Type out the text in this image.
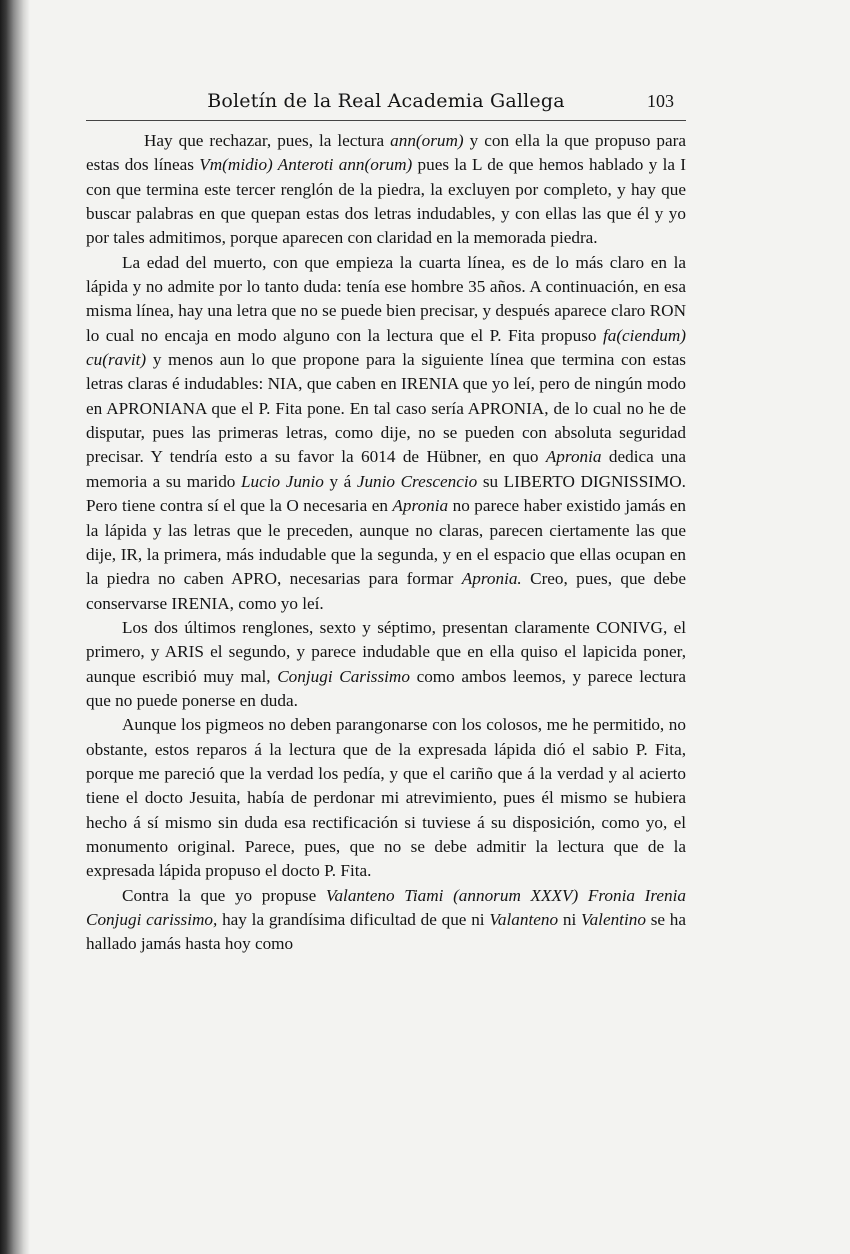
Boletín de la Real Academia Gallega	103

Hay que rechazar, pues, la lectura ann(orum) y con ella la que propuso para estas dos líneas Vm(midio) Anteroti ann(orum) pues la L de que hemos hablado y la I con que termina este tercer renglón de la piedra, la excluyen por completo, y hay que buscar palabras en que quepan estas dos letras indudables, y con ellas las que él y yo por tales admitimos, porque aparecen con claridad en la memorada piedra.

La edad del muerto, con que empieza la cuarta línea, es de lo más claro en la lápida y no admite por lo tanto duda: tenía ese hombre 35 años. A continuación, en esa misma línea, hay una letra que no se puede bien precisar, y después aparece claro RON lo cual no encaja en modo alguno con la lectura que el P. Fita propuso fa(ciendum) cu(ravit) y menos aun lo que propone para la siguiente línea que termina con estas letras claras é indudables: NIA, que caben en IRENIA que yo leí, pero de ningún modo en APRONIANA que el P. Fita pone. En tal caso sería APRONIA, de lo cual no he de disputar, pues las primeras letras, como dije, no se pueden con absoluta seguridad precisar. Y tendría esto a su favor la 6014 de Hübner, en quo Apronia dedica una memoria a su marido Lucio Junio y á Junio Crescencio su LIBERTO DIGNISSIMO. Pero tiene contra sí el que la O necesaria en Apronia no parece haber existido jamás en la lápida y las letras que le preceden, aunque no claras, parecen ciertamente las que dije, IR, la primera, más indudable que la segunda, y en el espacio que ellas ocupan en la piedra no caben APRO, necesarias para formar Apronia. Creo, pues, que debe conservarse IRENIA, como yo leí.

Los dos últimos renglones, sexto y séptimo, presentan claramente CONIVG, el primero, y ARIS el segundo, y parece indudable que en ella quiso el lapicida poner, aunque escribió muy mal, Conjugi Carissimo como ambos leemos, y parece lectura que no puede ponerse en duda.

Aunque los pigmeos no deben parangonarse con los colosos, me he permitido, no obstante, estos reparos á la lectura que de la expresada lápida dió el sabio P. Fita, porque me pareció que la verdad los pedía, y que el cariño que á la verdad y al acierto tiene el docto Jesuita, había de perdonar mi atrevimiento, pues él mismo se hubiera hecho á sí mismo sin duda esa rectificación si tuviese á su disposición, como yo, el monumento original. Parece, pues, que no se debe admitir la lectura que de la expresada lápida propuso el docto P. Fita.

Contra la que yo propuse Valanteno Tiami (annorum XXXV) Fronia Irenia Conjugi carissimo, hay la grandísima dificultad de que ni Valanteno ni Valentino se ha hallado jamás hasta hoy como
